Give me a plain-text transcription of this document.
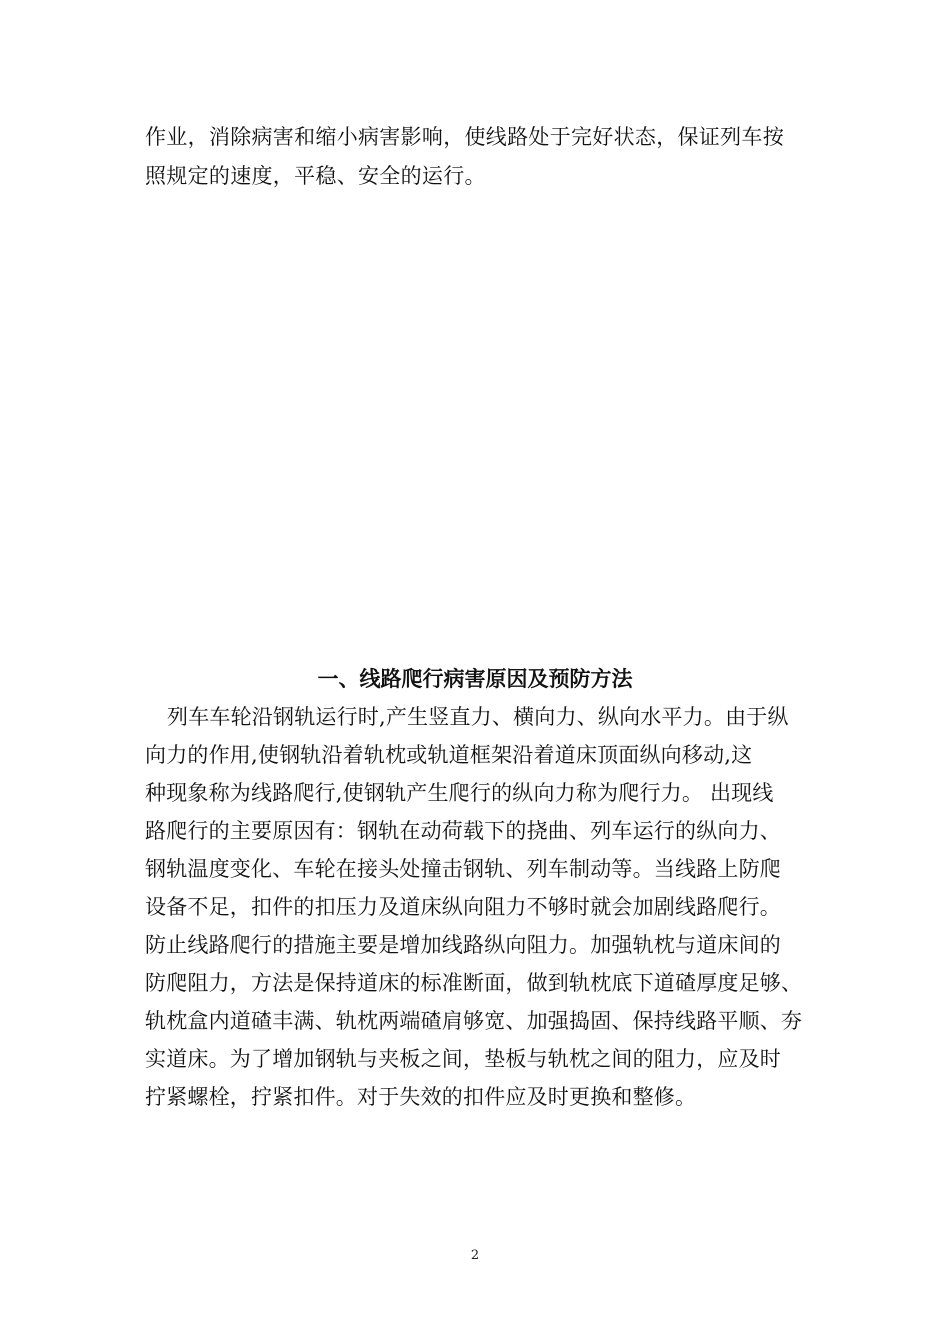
作业，消除病害和缩小病害影响，使线路处于完好状态，保证列车按
照规定的速度，平稳、安全的运行。
一、线路爬行病害原因及预防方法
列车车轮沿钢轨运行时,产生竖直力、横向力、纵向水平力。由于纵
向力的作用,使钢轨沿着轨枕或轨道框架沿着道床顶面纵向移动,这
种现象称为线路爬行,使钢轨产生爬行的纵向力称为爬行力。 出现线
路爬行的主要原因有：钢轨在动荷载下的挠曲、列车运行的纵向力、
钢轨温度变化、车轮在接头处撞击钢轨、列车制动等。当线路上防爬
设备不足，扣件的扣压力及道床纵向阻力不够时就会加剧线路爬行。
防止线路爬行的措施主要是增加线路纵向阻力。加强轨枕与道床间的
防爬阻力，方法是保持道床的标准断面，做到轨枕底下道碴厚度足够、
轨枕盒内道碴丰满、轨枕两端碴肩够宽、加强捣固、保持线路平顺、夯
实道床。为了增加钢轨与夹板之间，垫板与轨枕之间的阻力，应及时
拧紧螺栓，拧紧扣件。对于失效的扣件应及时更换和整修。
2
